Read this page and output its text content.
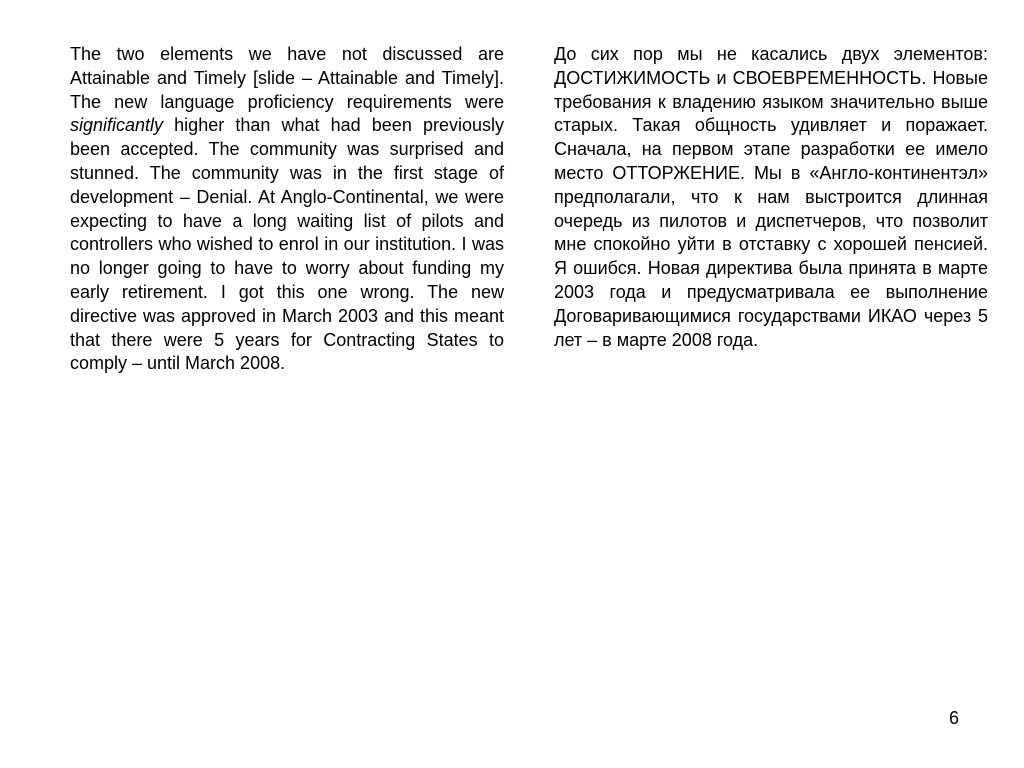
The two elements we have not discussed are Attainable and Timely [slide – Attainable and Timely]. The new language proficiency requirements were significantly higher than what had been previously been accepted. The community was surprised and stunned. The community was in the first stage of development – Denial. At Anglo-Continental, we were expecting to have a long waiting list of pilots and controllers who wished to enrol in our institution. I was no longer going to have to worry about funding my early retirement. I got this one wrong. The new directive was approved in March 2003 and this meant that there were 5 years for Contracting States to comply – until March 2008.

До сих пор мы не касались двух элементов: ДОСТИЖИМОСТЬ и СВОЕВРЕМЕННОСТЬ. Новые требования к владению языком значительно выше старых. Такая общность удивляет и поражает. Сначала, на первом этапе разработки ее имело место ОТТОРЖЕНИЕ. Мы в «Англо-континентэл» предполагали, что к нам выстроится длинная очередь из пилотов и диспетчеров, что позволит мне спокойно уйти в отставку с хорошей пенсией. Я ошибся. Новая директива была принята в марте 2003 года и предусматривала ее выполнение Договаривающимися государствами ИКАО через 5 лет – в марте 2008 года.

6
